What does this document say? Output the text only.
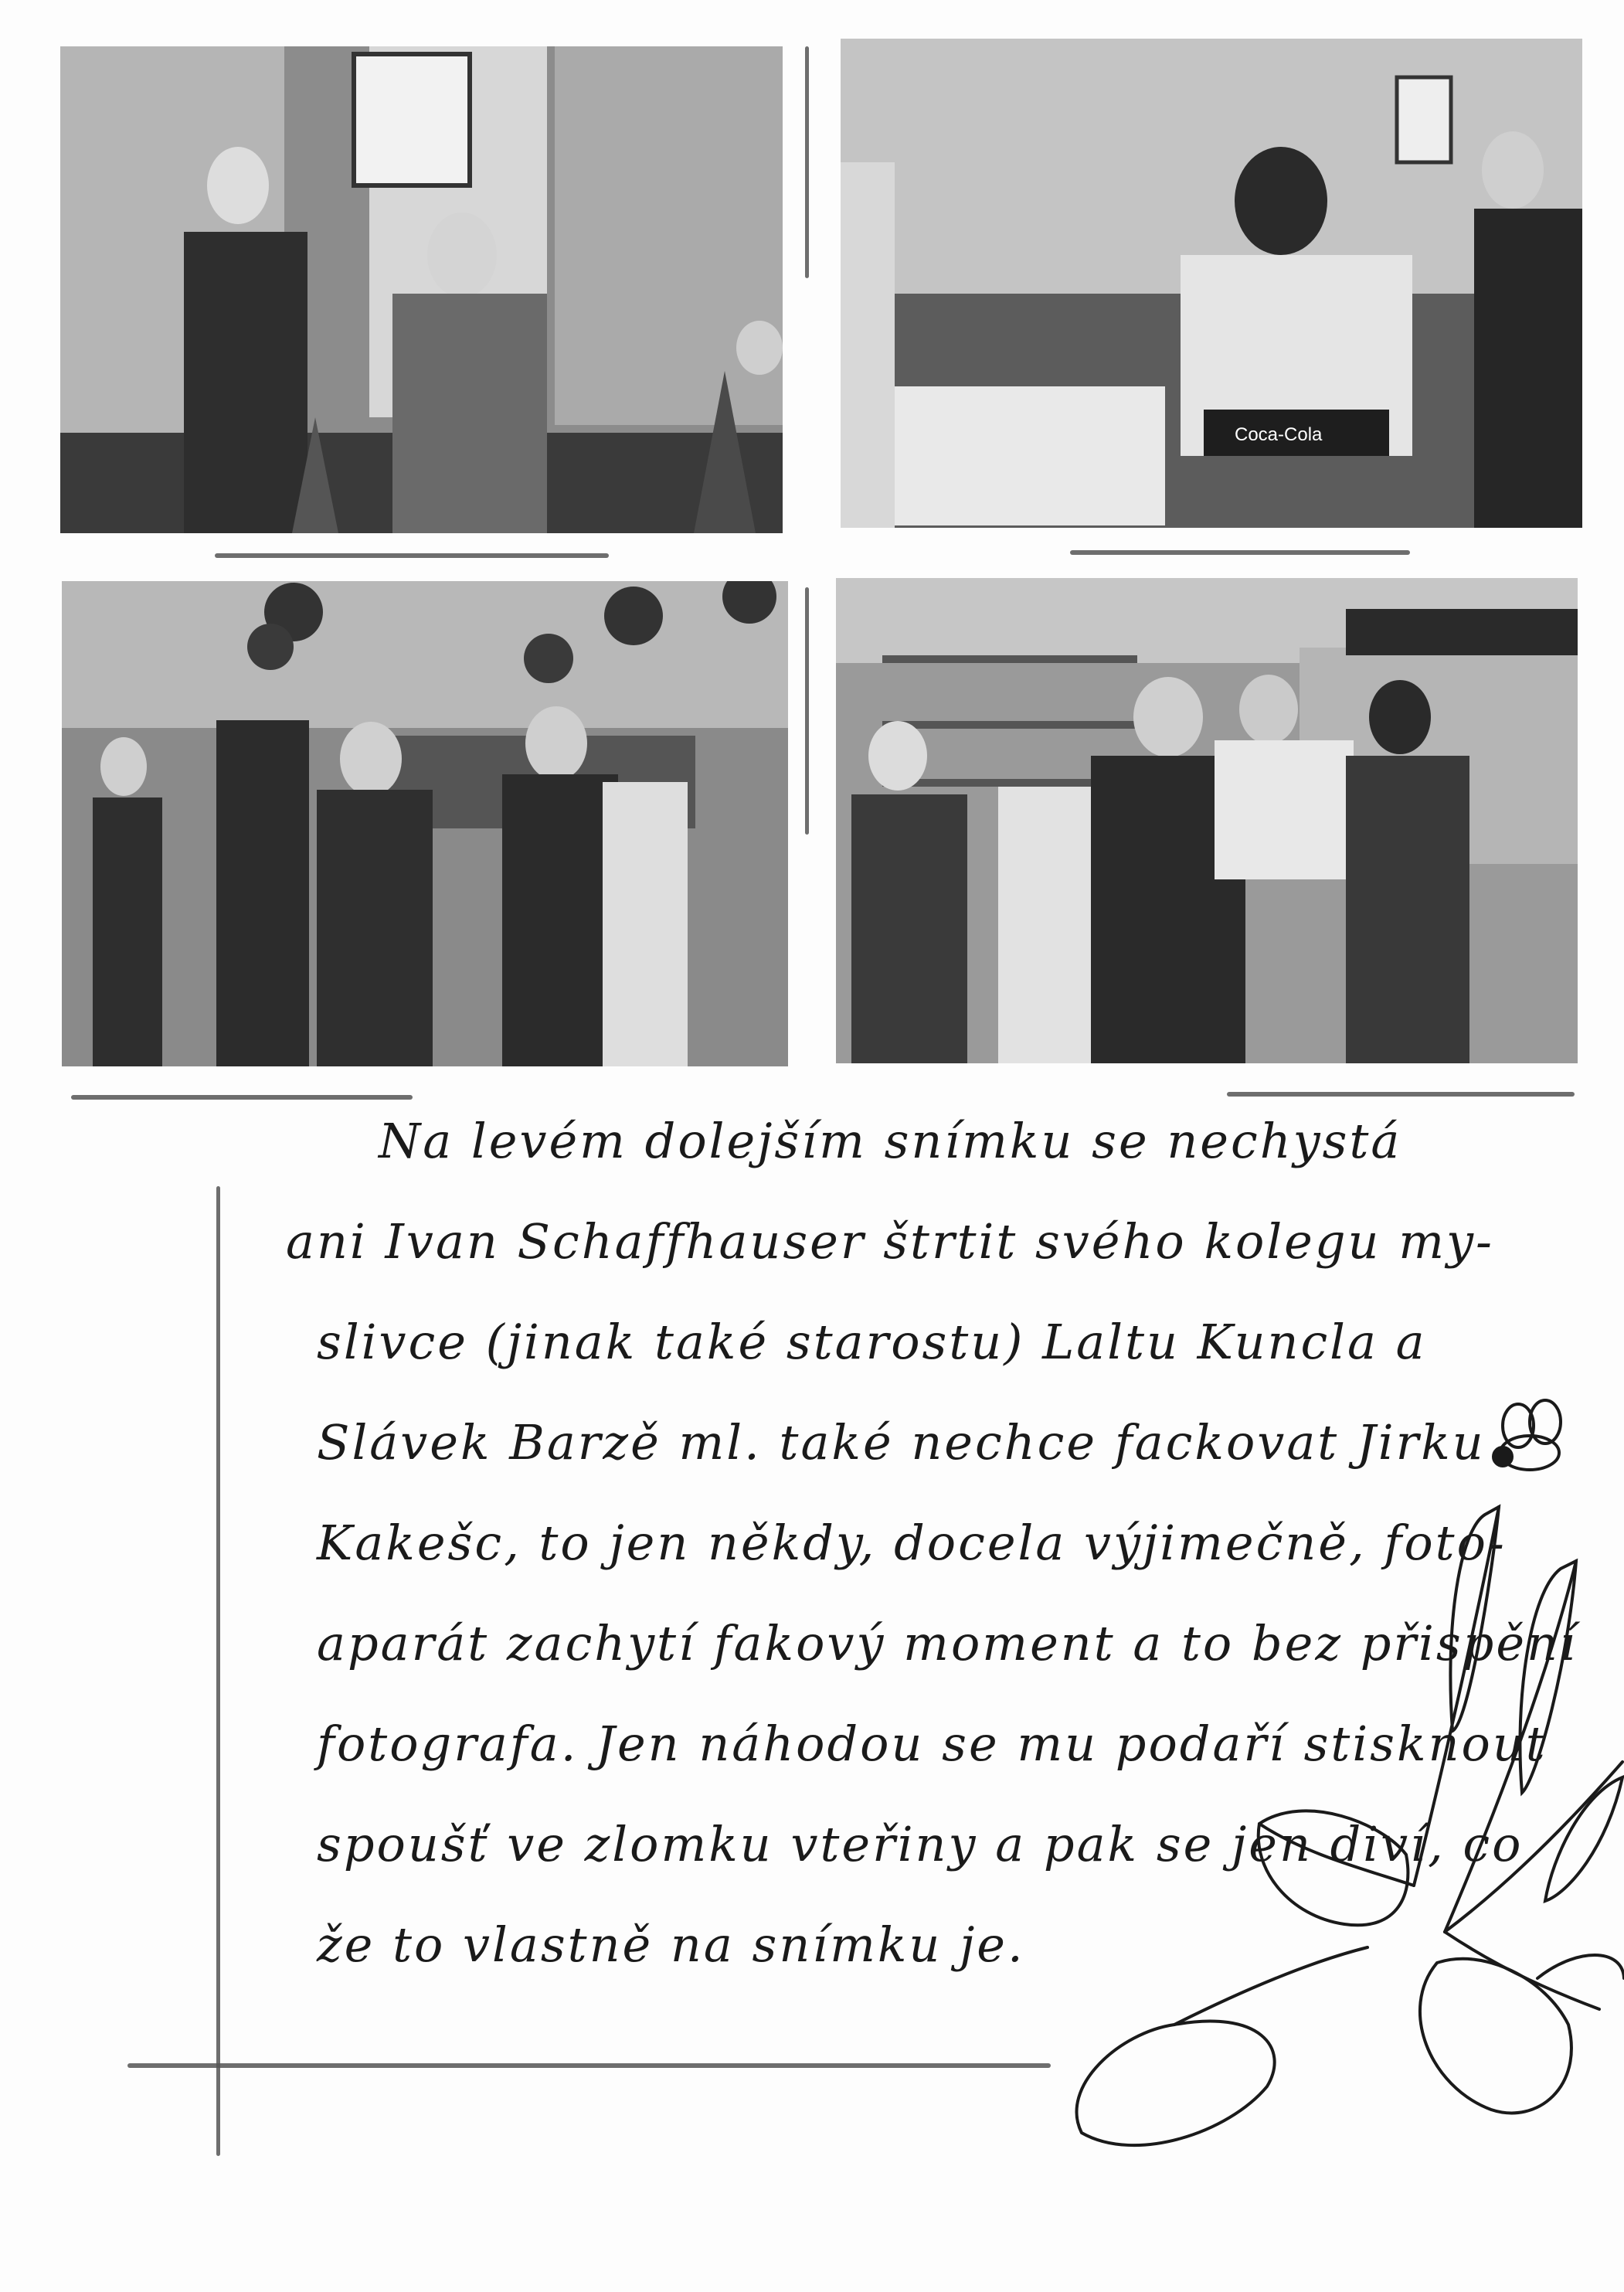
Coca-Cola
Na levém dolejším snímku se nechystá
ani Ivan Schaffhauser štrtit svého kolegu my-
slivce (jinak také starostu) Laltu Kuncla a
Slávek Barzě ml. také nechce fackovat Jirku
Kakešc, to jen někdy, docela výjimečně, foto-
aparát zachytí fakový moment a to bez přispění
fotografa. Jen náhodou se mu podaří stisknout
spoušť ve zlomku vteřiny a pak se jen diví, co
že to vlastně na snímku je.
